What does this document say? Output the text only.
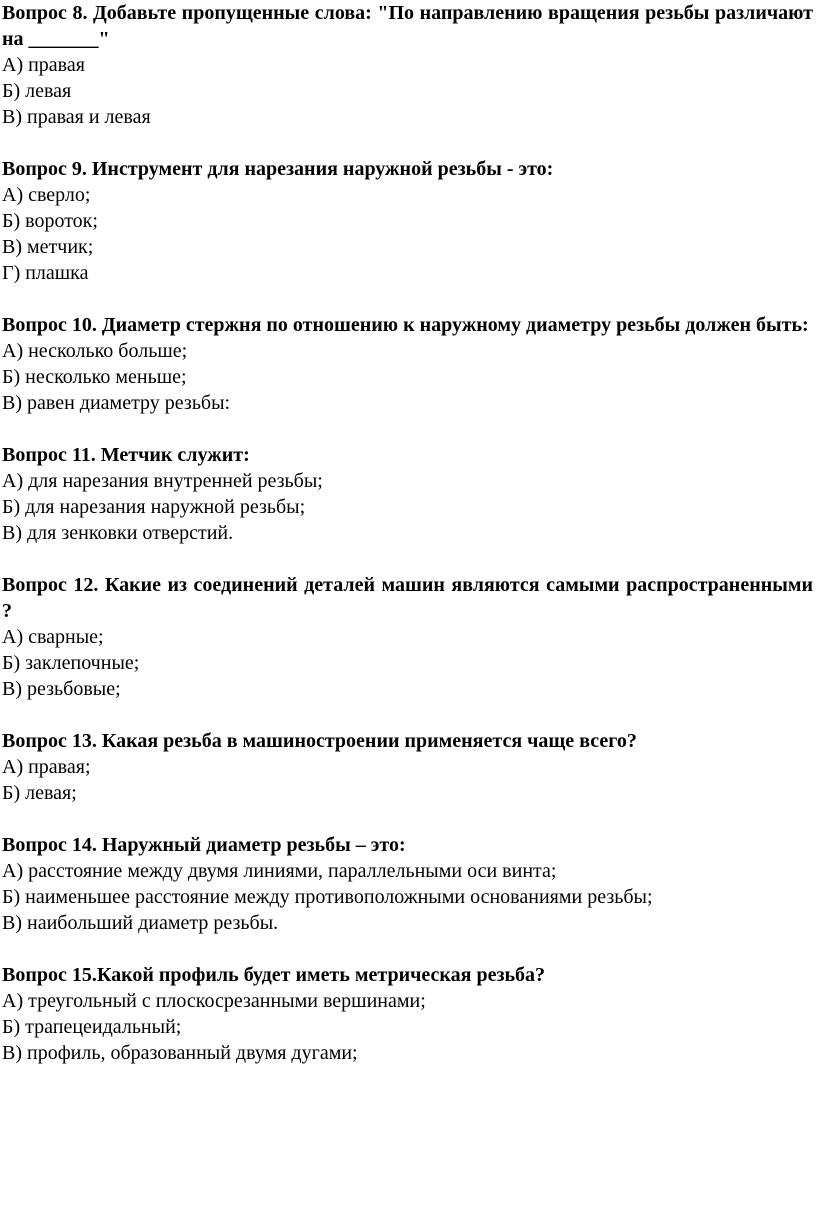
Вопрос 8. Добавьте пропущенные слова: "По направлению вращения резьбы различают на _______"

А) правая

Б) левая

В) правая и левая

Вопрос 9. Инструмент для нарезания наружной резьбы - это:

А) сверло;

Б) вороток;

В) метчик;

Г) плашка

Вопрос 10. Диаметр стержня по отношению к наружному диаметру резьбы должен быть:

А) несколько больше;

Б) несколько меньше;

В) равен диаметру резьбы:

Вопрос 11. Метчик служит:

А) для нарезания внутренней резьбы;

Б) для нарезания наружной резьбы;

В) для зенковки отверстий.

Вопрос 12. Какие из соединений деталей машин являются самыми распространенными ?

А) сварные;

Б) заклепочные;

В) резьбовые;

Вопрос 13. Какая резьба в машиностроении применяется чаще всего?

А) правая;

Б) левая;

Вопрос 14. Наружный диаметр резьбы – это:

А) расстояние между двумя линиями, параллельными оси винта;

Б) наименьшее расстояние между противоположными основаниями резьбы;

В) наибольший диаметр резьбы.

Вопрос 15.Какой профиль будет иметь метрическая резьба?

А) треугольный с плоскосрезанными вершинами;

Б) трапецеидальный;

В) профиль, образованный двумя дугами;
